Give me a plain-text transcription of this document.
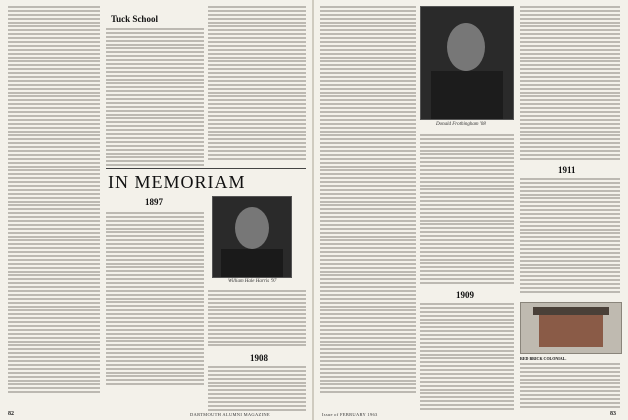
Tuck School
IN MEMORIAM
1897
William Hale Harris '97
1908
82	DARTMOUTH ALUMNI MAGAZINE
Donald Frothingham '08
1909
1911
RED BRICK COLONIAL.
Issue of FEBRUARY 1963	83
